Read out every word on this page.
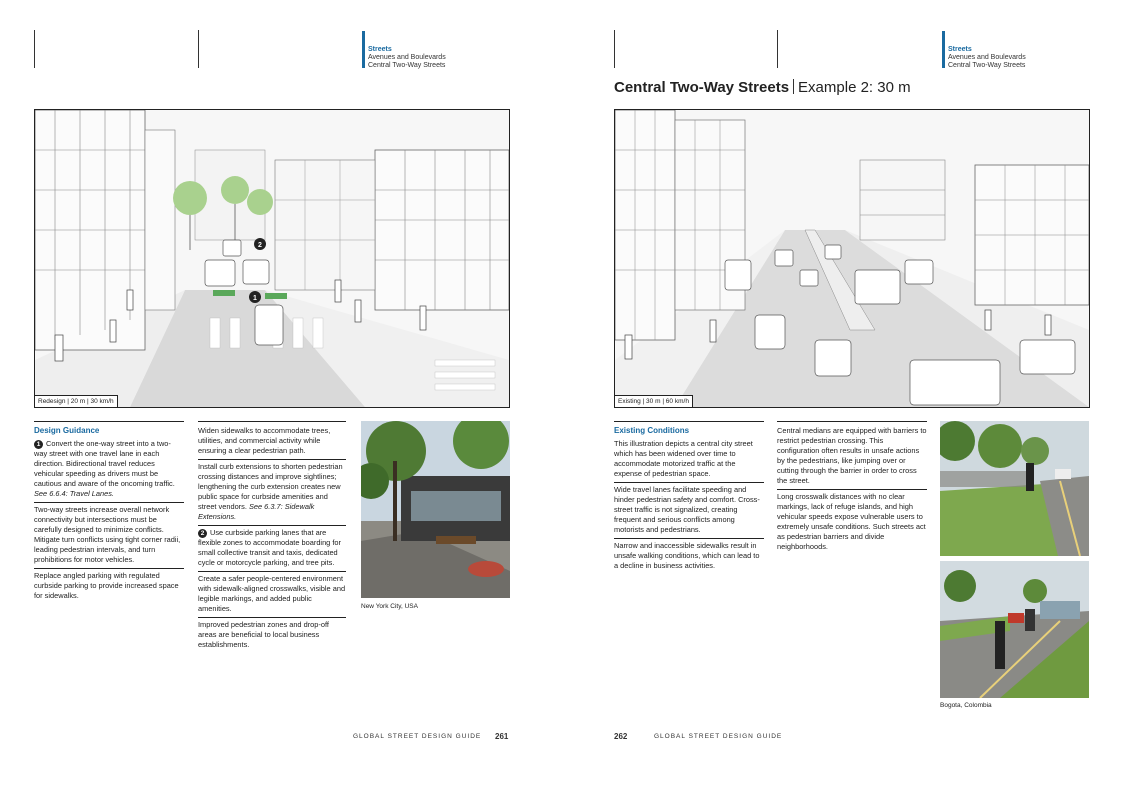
Streets
Avenues and Boulevards
Central Two-Way Streets
Streets
Avenues and Boulevards
Central Two-Way Streets
Central Two-Way Streets Example 2: 30 m
1
2
Redesign | 20 m | 30 km/h	Existing | 30 m | 60 km/h
Design Guidance

1 Convert the one-way street into a two-way street with one travel lane in each direction. Bidirectional travel reduces vehicular speeding as drivers must be cautious and aware of the oncoming traffic. See 6.6.4: Travel Lanes.

Two-way streets increase overall network connectivity but intersections must be carefully designed to minimize conflicts. Mitigate turn conflicts using tight corner radii, leading pedestrian intervals, and turn prohibitions for motor vehicles.

Replace angled parking with regulated curbside parking to provide increased space for sidewalks.

Widen sidewalks to accommodate trees, utilities, and commercial activity while ensuring a clear pedestrian path.

Install curb extensions to shorten pedestrian crossing distances and improve sightlines; lengthening the curb extension creates new public space for curbside amenities and street vendors. See 6.3.7: Sidewalk Extensions.

2 Use curbside parking lanes that are flexible zones to accommodate boarding for small collective transit and taxis, dedicated cycle or motorcycle parking, and tree pits.

Create a safer people-centered environment with sidewalk-aligned crosswalks, visible and legible markings, and added public amenities.

Improved pedestrian zones and drop-off areas are beneficial to local business establishments.

New York City, USA
Existing Conditions

This illustration depicts a central city street which has been widened over time to accommodate motorized traffic at the expense of pedestrian space.

Wide travel lanes facilitate speeding and hinder pedestrian safety and comfort. Cross-street traffic is not signalized, creating frequent and serious conflicts among motorists and pedestrians.

Narrow and inaccessible sidewalks result in unsafe walking conditions, which can lead to a decline in business activities.

Central medians are equipped with barriers to restrict pedestrian crossing. This configuration often results in unsafe actions by the pedestrians, like jumping over or cutting through the barrier in order to cross the street.

Long crosswalk distances with no clear markings, lack of refuge islands, and high vehicular speeds expose vulnerable users to extremely unsafe conditions. Such streets act as pedestrian barriers and divide neighborhoods.

Bogota, Colombia
GLOBAL STREET DESIGN GUIDE 261	262	GLOBAL STREET DESIGN GUIDE
